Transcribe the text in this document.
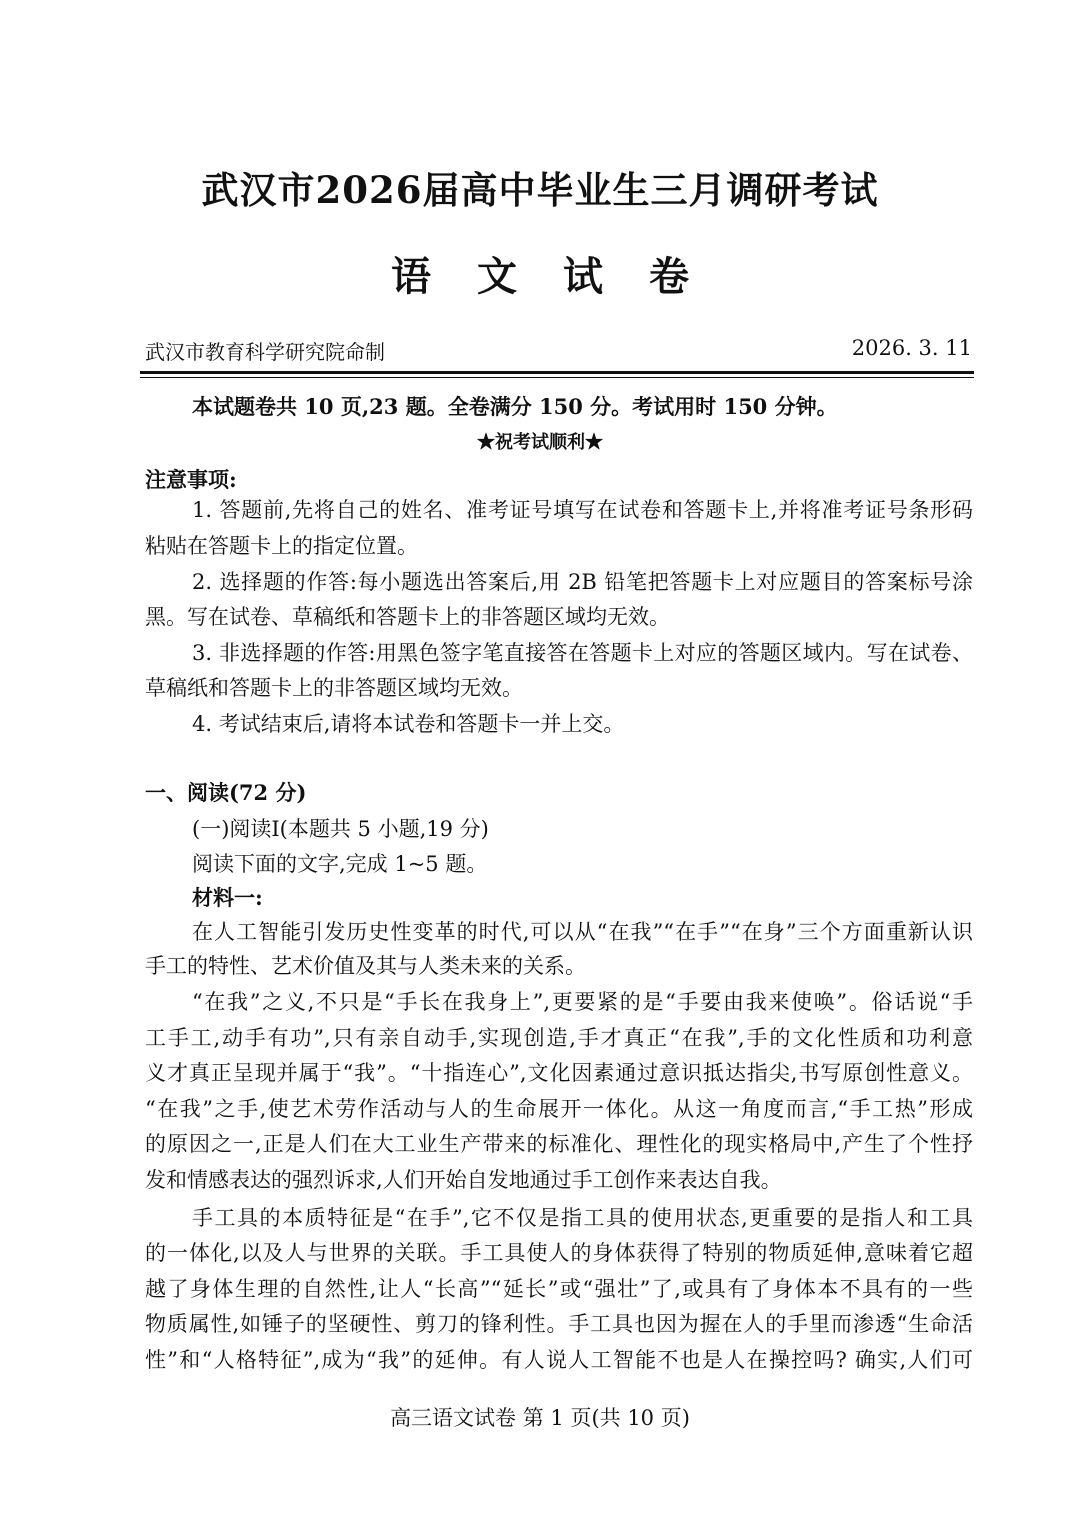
武汉市2026届高中毕业生三月调研考试
语文试卷
武汉市教育科学研究院命制	2026. 3. 11
本试题卷共 10 页,23 题。全卷满分 150 分。考试用时 150 分钟。
★祝考试顺利★
注意事项:
1. 答题前,先将自己的姓名、准考证号填写在试卷和答题卡上,并将准考证号条形码
粘贴在答题卡上的指定位置。
2. 选择题的作答:每小题选出答案后,用 2B 铅笔把答题卡上对应题目的答案标号涂
黑。写在试卷、草稿纸和答题卡上的非答题区域均无效。
3. 非选择题的作答:用黑色签字笔直接答在答题卡上对应的答题区域内。写在试卷、
草稿纸和答题卡上的非答题区域均无效。
4. 考试结束后,请将本试卷和答题卡一并上交。
一、阅读(72 分)
(一)阅读Ⅰ(本题共 5 小题,19 分)
阅读下面的文字,完成 1~5 题。
材料一:
在人工智能引发历史性变革的时代,可以从“在我”“在手”“在身”三个方面重新认识
手工的特性、艺术价值及其与人类未来的关系。
“在我”之义,不只是“手长在我身上”,更要紧的是“手要由我来使唤”。俗话说“手
工手工,动手有功”,只有亲自动手,实现创造,手才真正“在我”,手的文化性质和功利意
义才真正呈现并属于“我”。“十指连心”,文化因素通过意识抵达指尖,书写原创性意义。
“在我”之手,使艺术劳作活动与人的生命展开一体化。从这一角度而言,“手工热”形成
的原因之一,正是人们在大工业生产带来的标准化、理性化的现实格局中,产生了个性抒
发和情感表达的强烈诉求,人们开始自发地通过手工创作来表达自我。
手工具的本质特征是“在手”,它不仅是指工具的使用状态,更重要的是指人和工具
的一体化,以及人与世界的关联。手工具使人的身体获得了特别的物质延伸,意味着它超
越了身体生理的自然性,让人“长高”“延长”或“强壮”了,或具有了身体本不具有的一些
物质属性,如锤子的坚硬性、剪刀的锋利性。手工具也因为握在人的手里而渗透“生命活
性”和“人格特征”,成为“我”的延伸。有人说人工智能不也是人在操控吗? 确实,人们可
高三语文试卷 第 1 页(共 10 页)
